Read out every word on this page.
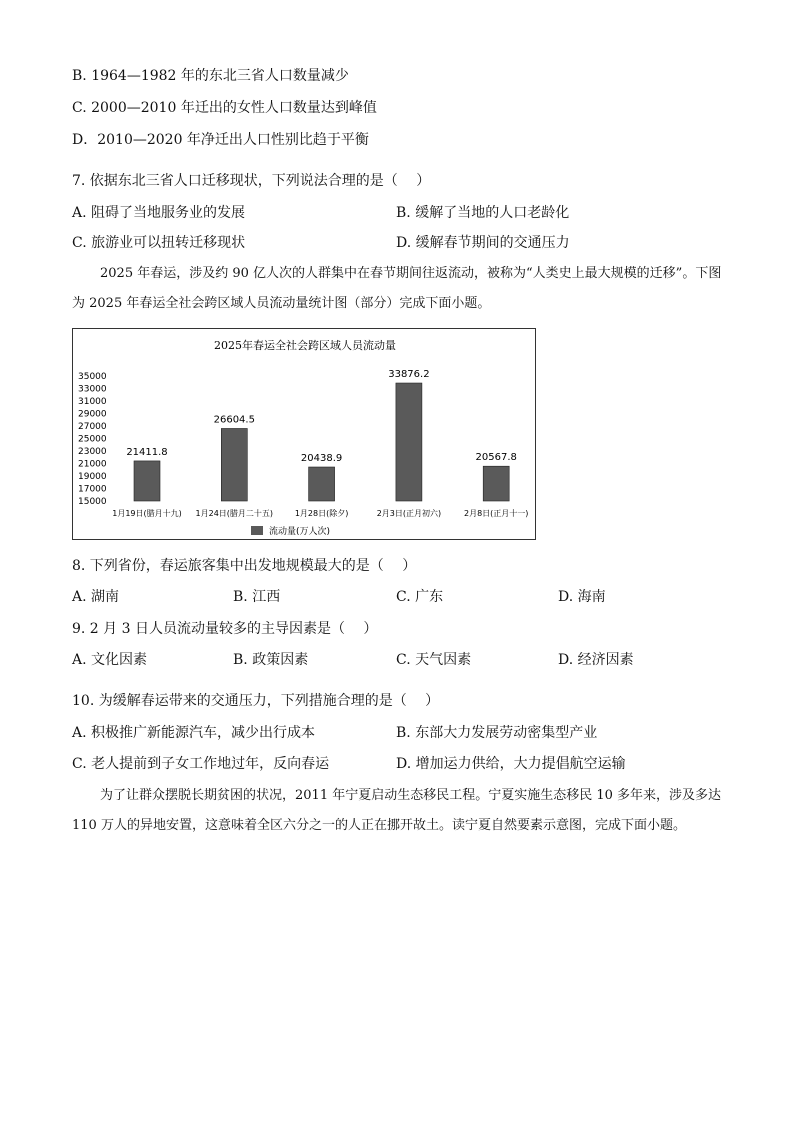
B. 1964—1982 年的东北三省人口数量减少
C. 2000—2010 年迁出的女性人口数量达到峰值
D．2010—2020 年净迁出人口性别比趋于平衡
7. 依据东北三省人口迁移现状，下列说法合理的是（　 ）
A. 阻碍了当地服务业的发展	B. 缓解了当地的人口老龄化
C. 旅游业可以扭转迁移现状	D. 缓解春节期间的交通压力
2025 年春运，涉及约 90 亿人次的人群集中在春节期间往返流动，被称为“人类史上最大规模的迁移”。下图为 2025 年春运全社会跨区域人员流动量统计图（部分）完成下面小题。
2025年春运全社会跨区域人员流动量
35000
33000
31000
29000
27000
25000
23000
21000
19000
17000
15000
21411.8
26604.5
20438.9
33876.2
20567.8
1月19日(腊月十九) 1月24日(腊月二十五)	1月28日(除夕)	2月3日(正月初六)	2月8日(正月十一)
流动量(万人次)
8. 下列省份，春运旅客集中出发地规模最大的是（　 ）
A. 湖南	B. 江西	C. 广东	D. 海南
9. 2 月 3 日人员流动量较多的主导因素是（　 ）
A. 文化因素	B. 政策因素	C. 天气因素	D. 经济因素
10. 为缓解春运带来的交通压力，下列措施合理的是（　 ）
A. 积极推广新能源汽车，减少出行成本	B. 东部大力发展劳动密集型产业
C. 老人提前到子女工作地过年，反向春运	D. 增加运力供给，大力提倡航空运输
为了让群众摆脱长期贫困的状况，2011 年宁夏启动生态移民工程。宁夏实施生态移民 10 多年来，涉及多达 110 万人的异地安置，这意味着全区六分之一的人正在挪开故土。读宁夏自然要素示意图，完成下面小题。
